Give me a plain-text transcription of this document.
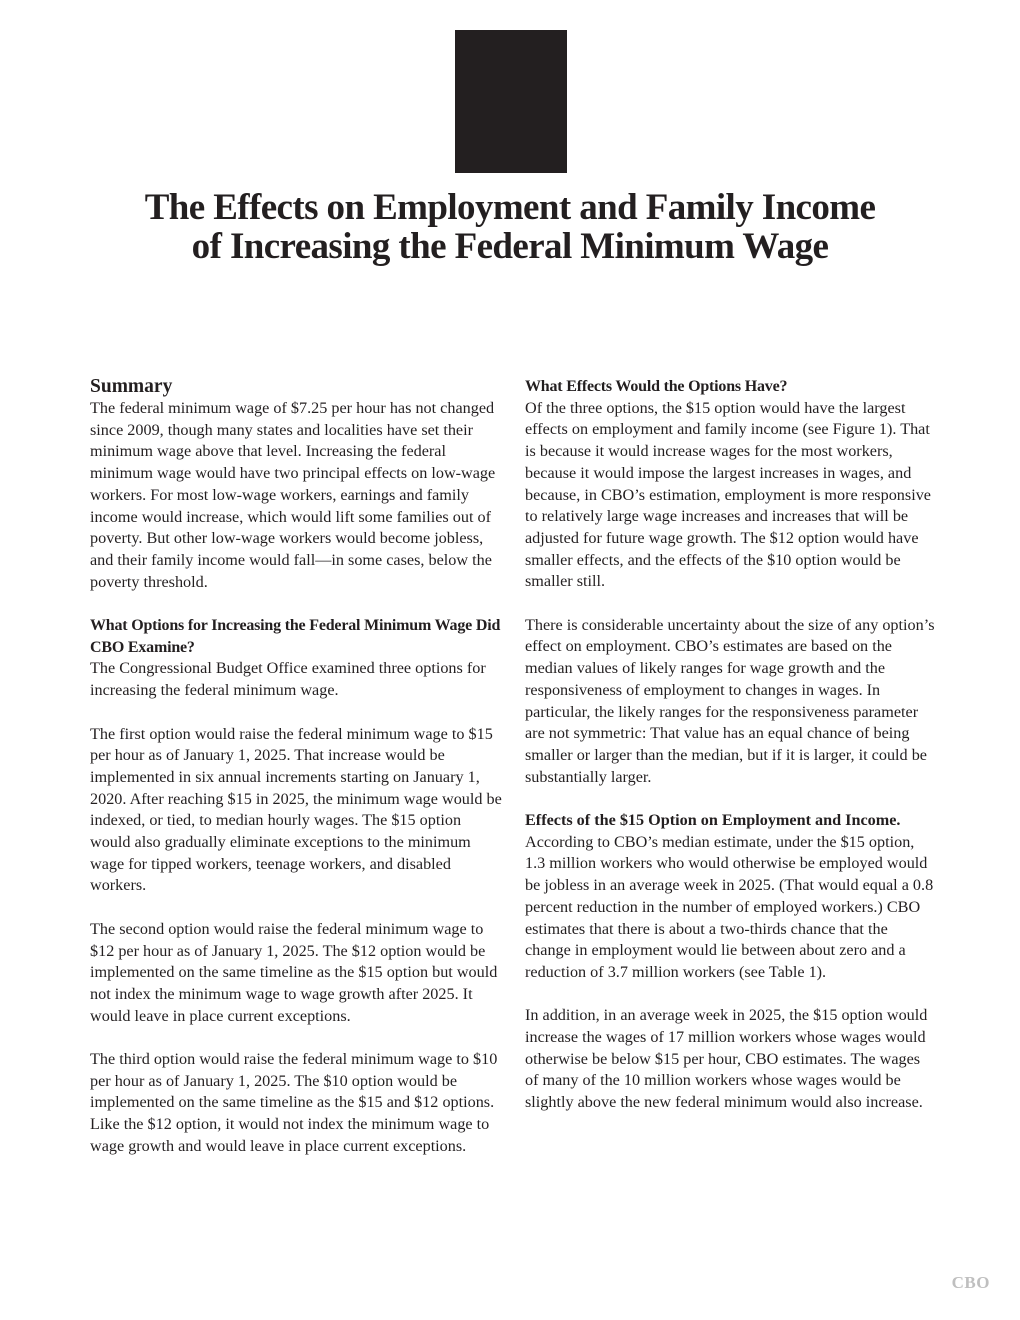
The Effects on Employment and Family Income
of Increasing the Federal Minimum Wage
Summary

The federal minimum wage of $7.25 per hour has not changed since 2009, though many states and localities have set their minimum wage above that level. Increasing the federal minimum wage would have two principal effects on low-wage workers. For most low-wage workers, earnings and family income would increase, which would lift some families out of poverty. But other low-wage workers would become jobless, and their family income would fall—in some cases, below the poverty threshold.

What Options for Increasing the Federal Minimum Wage Did CBO Examine?

The Congressional Budget Office examined three options for increasing the federal minimum wage.

The first option would raise the federal minimum wage to $15 per hour as of January 1, 2025. That increase would be implemented in six annual increments starting on January 1, 2020. After reaching $15 in 2025, the minimum wage would be indexed, or tied, to median hourly wages. The $15 option would also gradually eliminate exceptions to the minimum wage for tipped workers, teenage workers, and disabled workers.

The second option would raise the federal minimum wage to $12 per hour as of January 1, 2025. The $12 option would be implemented on the same timeline as the $15 option but would not index the minimum wage to wage growth after 2025. It would leave in place current exceptions.

The third option would raise the federal minimum wage to $10 per hour as of January 1, 2025. The $10 option would be implemented on the same timeline as the $15 and $12 options. Like the $12 option, it would not index the minimum wage to wage growth and would leave in place current exceptions.

What Effects Would the Options Have?

Of the three options, the $15 option would have the largest effects on employment and family income (see Figure 1). That is because it would increase wages for the most workers, because it would impose the largest increases in wages, and because, in CBO’s estimation, employment is more responsive to relatively large wage increases and increases that will be adjusted for future wage growth. The $12 option would have smaller effects, and the effects of the $10 option would be smaller still.

There is considerable uncertainty about the size of any option’s effect on employment. CBO’s estimates are based on the median values of likely ranges for wage growth and the responsiveness of employment to changes in wages. In particular, the likely ranges for the responsiveness parameter are not symmetric: That value has an equal chance of being smaller or larger than the median, but if it is larger, it could be substantially larger.

Effects of the $15 Option on Employment and Income. According to CBO’s median estimate, under the $15 option, 1.3 million workers who would otherwise be employed would be jobless in an average week in 2025. (That would equal a 0.8 percent reduction in the number of employed workers.) CBO estimates that there is about a two-thirds chance that the change in employment would lie between about zero and a reduction of 3.7 million workers (see Table 1).

In addition, in an average week in 2025, the $15 option would increase the wages of 17 million workers whose wages would otherwise be below $15 per hour, CBO estimates. The wages of many of the 10 million workers whose wages would be slightly above the new federal minimum would also increase.

CBO
